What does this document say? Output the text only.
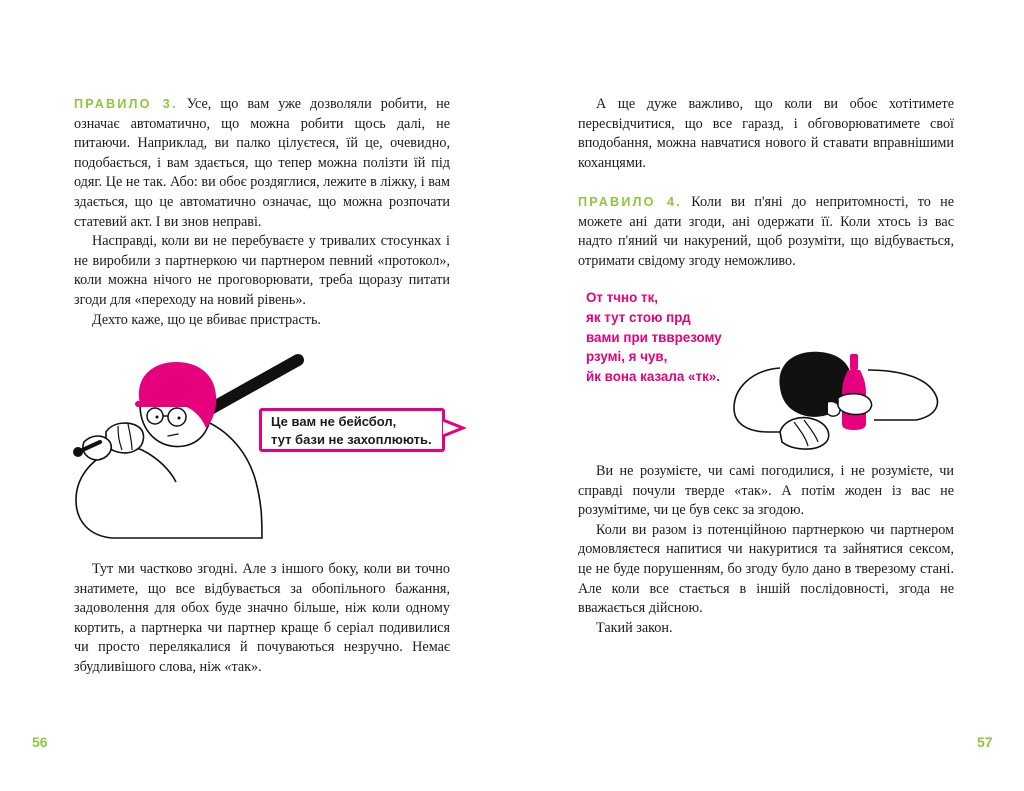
ПРАВИЛО 3. Усе, що вам уже дозволяли робити, не означає автоматично, що можна робити щось далі, не питаючи. Наприклад, ви палко цілуєтеся, їй це, очевидно, подобається, і вам здається, що тепер можна полізти їй під одяг. Це не так. Або: ви обоє роздяглися, лежите в ліжку, і вам здається, що це автоматично означає, що можна розпочати статевий акт. І ви знов неправі.

Насправді, коли ви не перебуваєте у тривалих стосунках і не виробили з партнеркою чи партнером певний «протокол», коли можна нічого не проговорювати, треба щоразу питати згоди для «переходу на новий рівень».

Дехто каже, що це вбиває пристрасть.

Це вам не бейсбол,
тут бази не захоплюють.

Тут ми частково згодні. Але з іншого боку, коли ви точно знатимете, що все відбувається за обопільного бажання, задоволення для обох буде значно більше, ніж коли одному кортить, а партнерка чи партнер краще б серіал подивилися чи просто перелякалися й почуваються незручно. Немає збудливішого слова, ніж «так».

56

А ще дуже важливо, що коли ви обоє хотітимете пересвідчитися, що все гаразд, і обговорюватимете свої вподобання, можна навчатися нового й ставати вправнішими коханцями.

ПРАВИЛО 4. Коли ви п'яні до непритомності, то не можете ані дати згоди, ані одержати її. Коли хтось із вас надто п'яний чи накурений, щоб розуміти, що відбувається, отримати свідому згоду неможливо.

57
От тчно тк,
як тут стою прд
вами при твврезому
рзумі, я чув,
йк вона казала «тк».

Ви не розумієте, чи самі погодилися, і не розумієте, чи справді почули тверде «так». А потім жоден із вас не розумітиме, чи це був секс за згодою.

Коли ви разом із потенційною партнеркою чи партнером домовляєтеся напитися чи накуритися та зайнятися сексом, це не буде порушенням, бо згоду було дано в тверезому стані. Але коли все стається в іншій послідовності, згода не вважається дійсною.

Такий закон.
